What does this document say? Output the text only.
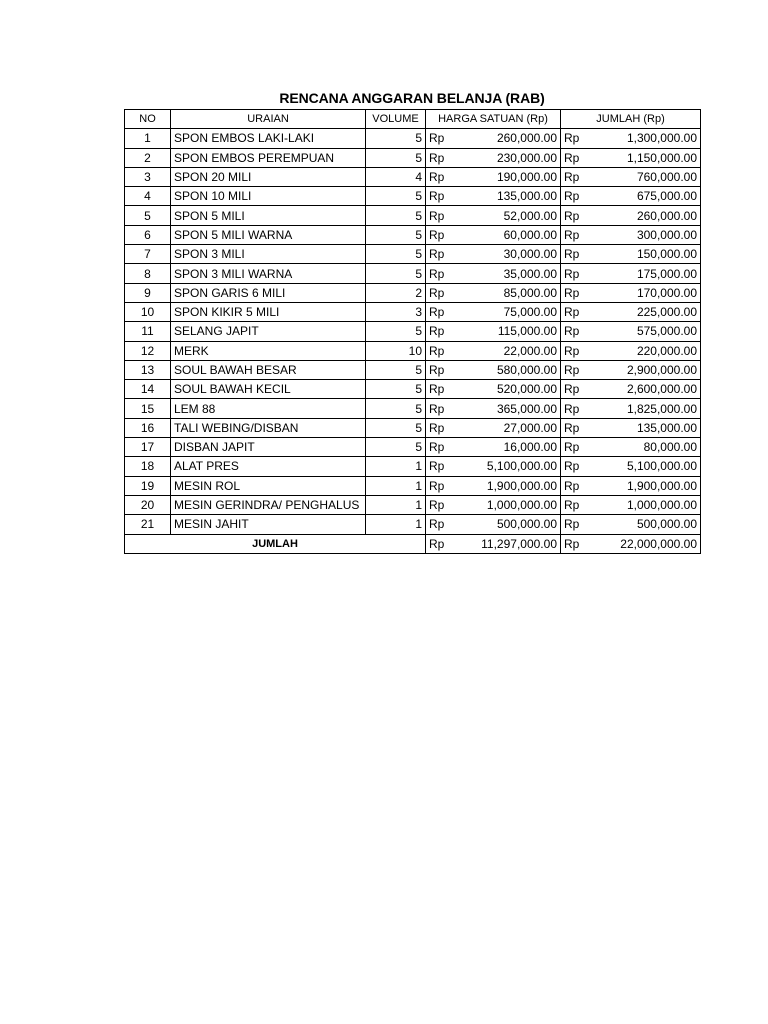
RENCANA ANGGARAN BELANJA (RAB)
NO	URAIAN	VOLUME	HARGA SATUAN (Rp)		JUMLAH (Rp)	
1	SPON EMBOS LAKI-LAKI	5	Rp	260,000.00	Rp	1,300,000.00
2	SPON EMBOS PEREMPUAN	5	Rp	230,000.00	Rp	1,150,000.00
3	SPON 20 MILI	4	Rp	190,000.00	Rp	760,000.00
4	SPON 10 MILI	5	Rp	135,000.00	Rp	675,000.00
5	SPON 5 MILI	5	Rp	52,000.00	Rp	260,000.00
6	SPON 5 MILI WARNA	5	Rp	60,000.00	Rp	300,000.00
7	SPON 3 MILI	5	Rp	30,000.00	Rp	150,000.00
8	SPON 3 MILI WARNA	5	Rp	35,000.00	Rp	175,000.00
9	SPON GARIS 6 MILI	2	Rp	85,000.00	Rp	170,000.00
10	SPON KIKIR 5 MILI	3	Rp	75,000.00	Rp	225,000.00
11	SELANG JAPIT	5	Rp	115,000.00	Rp	575,000.00
12	MERK	10	Rp	22,000.00	Rp	220,000.00
13	SOUL BAWAH BESAR	5	Rp	580,000.00	Rp	2,900,000.00
14	SOUL BAWAH KECIL	5	Rp	520,000.00	Rp	2,600,000.00
15	LEM 88	5	Rp	365,000.00	Rp	1,825,000.00
16	TALI WEBING/DISBAN	5	Rp	27,000.00	Rp	135,000.00
17	DISBAN JAPIT	5	Rp	16,000.00	Rp	80,000.00
18	ALAT PRES	1	Rp	5,100,000.00	Rp	5,100,000.00
19	MESIN ROL	1	Rp	1,900,000.00	Rp	1,900,000.00
20	MESIN GERINDRA/ PENGHALUS	1	Rp	1,000,000.00	Rp	1,000,000.00
21	MESIN JAHIT	1	Rp	500,000.00	Rp	500,000.00
JUMLAH			Rp	11,297,000.00	Rp	22,000,000.00
